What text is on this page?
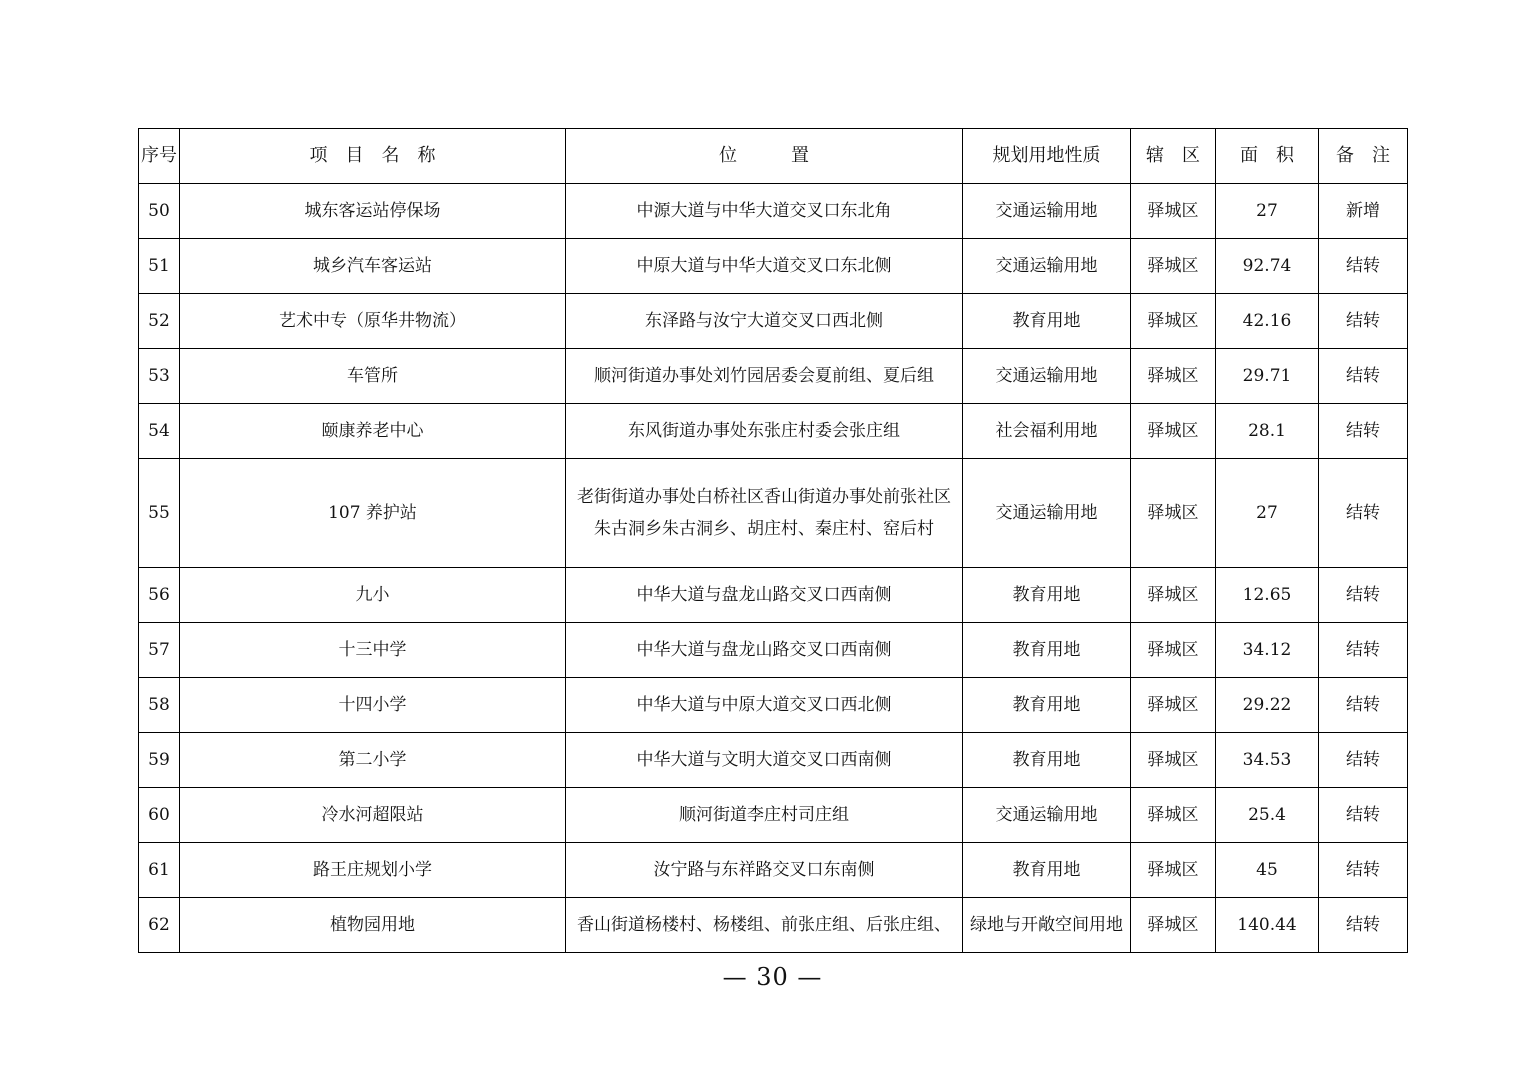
序号	项　目　名　称	位　　　置	规划用地性质	辖　区	面　积	备　注
50	城东客运站停保场	中源大道与中华大道交叉口东北角	交通运输用地	驿城区	27	新增
51	城乡汽车客运站	中原大道与中华大道交叉口东北侧	交通运输用地	驿城区	92.74	结转
52	艺术中专（原华井物流）	东泽路与汝宁大道交叉口西北侧	教育用地	驿城区	42.16	结转
53	车管所	顺河街道办事处刘竹园居委会夏前组、夏后组	交通运输用地	驿城区	29.71	结转
54	颐康养老中心	东风街道办事处东张庄村委会张庄组	社会福利用地	驿城区	28.1	结转
55	107 养护站	老街街道办事处白桥社区香山街道办事处前张社区
朱古洞乡朱古洞乡、胡庄村、秦庄村、窑后村	交通运输用地	驿城区	27	结转
56	九小	中华大道与盘龙山路交叉口西南侧	教育用地	驿城区	12.65	结转
57	十三中学	中华大道与盘龙山路交叉口西南侧	教育用地	驿城区	34.12	结转
58	十四小学	中华大道与中原大道交叉口西北侧	教育用地	驿城区	29.22	结转
59	第二小学	中华大道与文明大道交叉口西南侧	教育用地	驿城区	34.53	结转
60	冷水河超限站	顺河街道李庄村司庄组	交通运输用地	驿城区	25.4	结转
61	路王庄规划小学	汝宁路与东祥路交叉口东南侧	教育用地	驿城区	45	结转
62	植物园用地	香山街道杨楼村、杨楼组、前张庄组、后张庄组、	绿地与开敞空间用地	驿城区	140.44	结转
— 30 —
